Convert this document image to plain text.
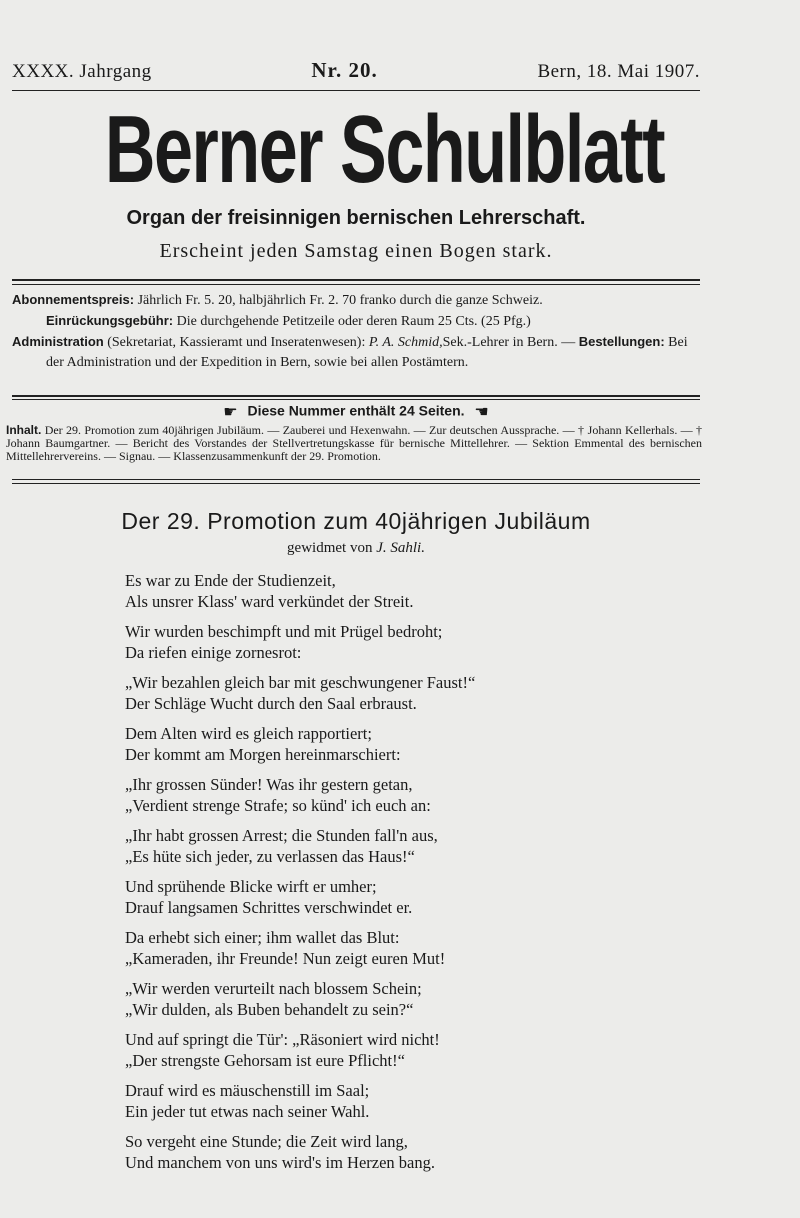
XXXX. Jahrgang	Nr. 20.	Bern, 18. Mai 1907.
Berner Schulblatt
Organ der freisinnigen bernischen Lehrerschaft.
Erscheint jeden Samstag einen Bogen stark.

Abonnementspreis: Jährlich Fr. 5. 20, halbjährlich Fr. 2. 70 franko durch die ganze Schweiz.

Einrückungsgebühr: Die durchgehende Petitzeile oder deren Raum 25 Cts. (25 Pfg.)

Administration (Sekretariat, Kassieramt und Inseratenwesen): P. A. Schmid,Sek.-Lehrer in Bern. — Bestellungen: Bei der Administration und der Expedition in Bern, sowie bei allen Postämtern.

☛ Diese Nummer enthält 24 Seiten. ☚
Inhalt. Der 29. Promotion zum 40jährigen Jubiläum. — Zauberei und Hexenwahn. — Zur deutschen Aussprache. — † Johann Kellerhals. — † Johann Baumgartner. — Bericht des Vorstandes der Stellvertretungskasse für bernische Mittellehrer. — Sektion Emmental des bernischen Mittellehrervereins. — Signau. — Klassenzusammenkunft der 29. Promotion.
Der 29. Promotion zum 40jährigen Jubiläum
gewidmet von J. Sahli.
Es war zu Ende der Studienzeit,
Als unsrer Klass' ward verkündet der Streit.
Wir wurden beschimpft und mit Prügel bedroht;
Da riefen einige zornesrot:
„Wir bezahlen gleich bar mit geschwungener Faust!“
Der Schläge Wucht durch den Saal erbraust.
Dem Alten wird es gleich rapportiert;
Der kommt am Morgen hereinmarschiert:
„Ihr grossen Sünder! Was ihr gestern getan,
„Verdient strenge Strafe; so künd' ich euch an:
„Ihr habt grossen Arrest; die Stunden fall'n aus,
„Es hüte sich jeder, zu verlassen das Haus!“
Und sprühende Blicke wirft er umher;
Drauf langsamen Schrittes verschwindet er.
Da erhebt sich einer; ihm wallet das Blut:
„Kameraden, ihr Freunde! Nun zeigt euren Mut!
„Wir werden verurteilt nach blossem Schein;
„Wir dulden, als Buben behandelt zu sein?“
Und auf springt die Tür': „Räsoniert wird nicht!
„Der strengste Gehorsam ist eure Pflicht!“
Drauf wird es mäuschenstill im Saal;
Ein jeder tut etwas nach seiner Wahl.
So vergeht eine Stunde; die Zeit wird lang,
Und manchem von uns wird's im Herzen bang.
